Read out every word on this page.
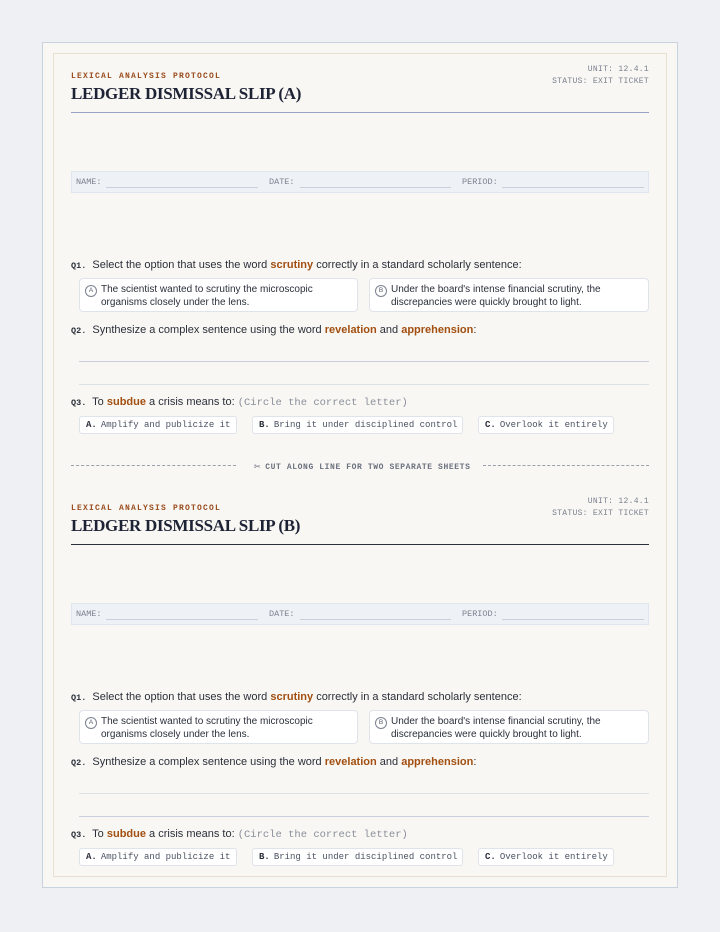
LEXICAL ANALYSIS PROTOCOL
LEDGER DISMISSAL SLIP (A)
UNIT: 12.4.1
STATUS: EXIT TICKET
NAME:	DATE:	PERIOD:
Q1. Select the option that uses the word scrutiny correctly in a standard scholarly sentence:
A The scientist wanted to scrutiny the microscopic organisms closely under the lens.
B Under the board's intense financial scrutiny, the discrepancies were quickly brought to light.
Q2. Synthesize a complex sentence using the word revelation and apprehension:
Q3. To subdue a crisis means to: (Circle the correct letter)
A. Amplify and publicize it	B. Bring it under disciplined control	C. Overlook it entirely
✂ CUT ALONG LINE FOR TWO SEPARATE SHEETS
LEXICAL ANALYSIS PROTOCOL
LEDGER DISMISSAL SLIP (B)
UNIT: 12.4.1
STATUS: EXIT TICKET
NAME:	DATE:	PERIOD:
Q1. Select the option that uses the word scrutiny correctly in a standard scholarly sentence:
A The scientist wanted to scrutiny the microscopic organisms closely under the lens.
B Under the board's intense financial scrutiny, the discrepancies were quickly brought to light.
Q2. Synthesize a complex sentence using the word revelation and apprehension:
Q3. To subdue a crisis means to: (Circle the correct letter)
A. Amplify and publicize it	B. Bring it under disciplined control	C. Overlook it entirely
